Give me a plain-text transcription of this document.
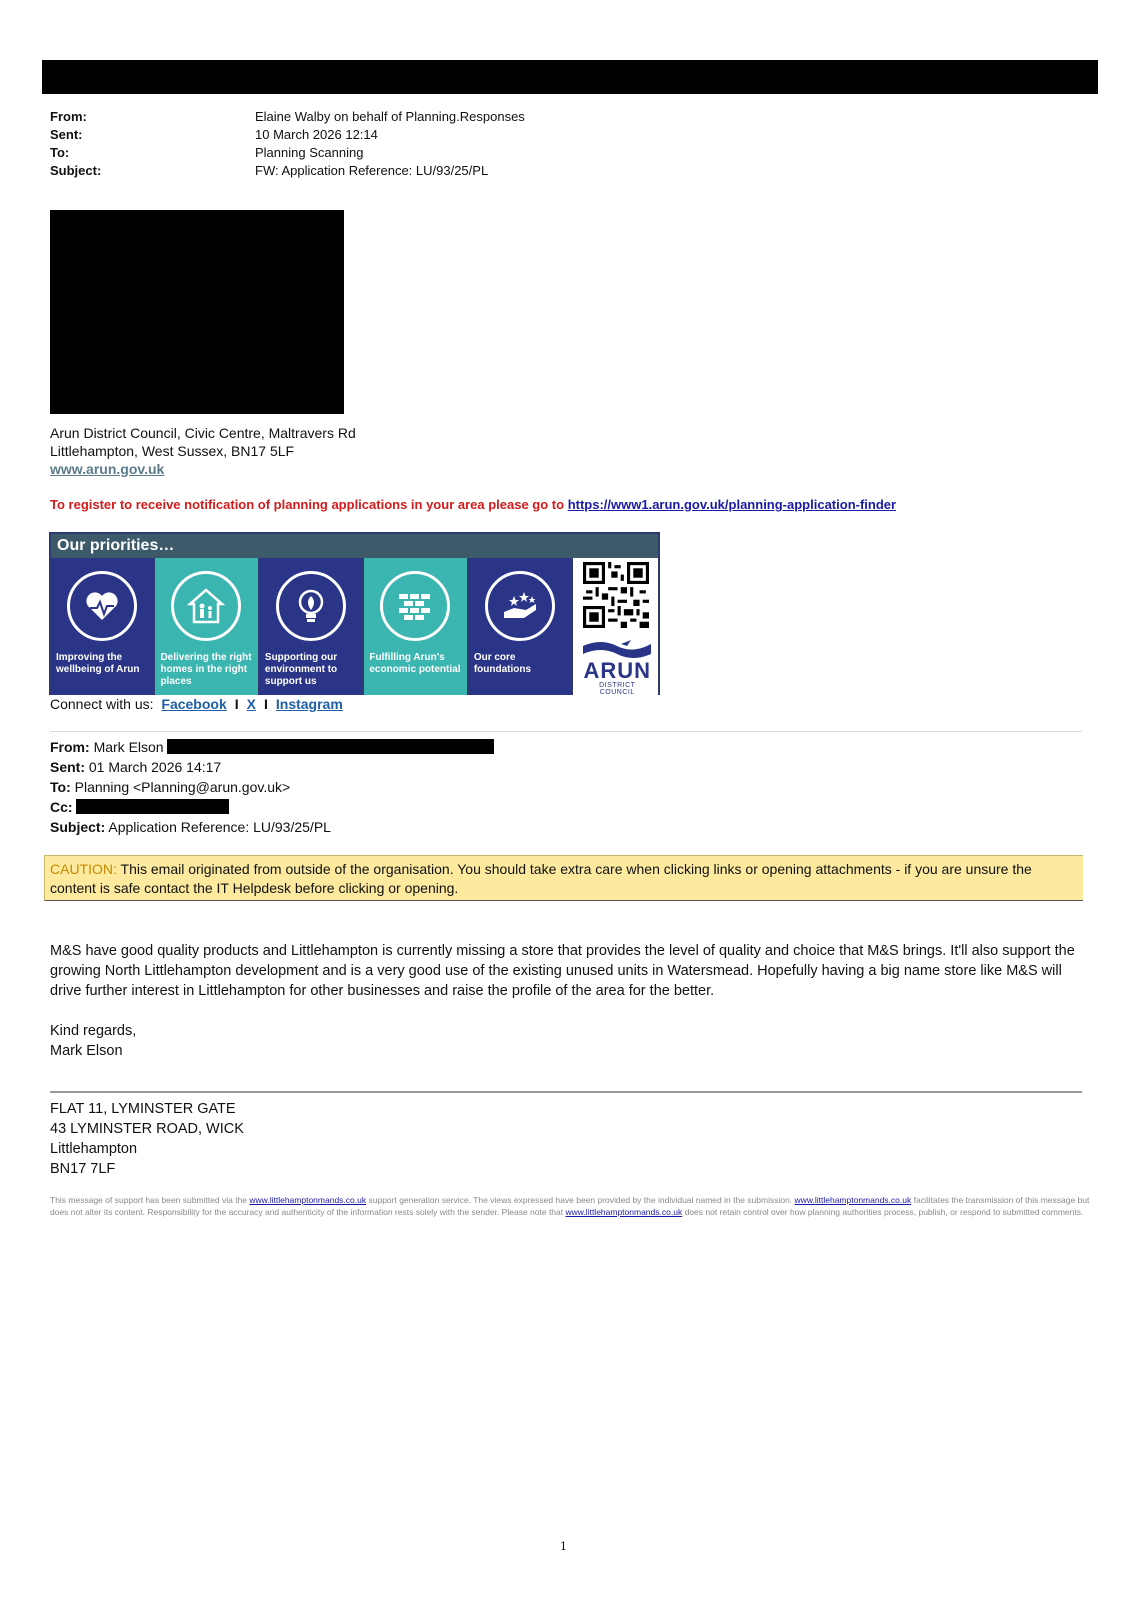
From:	Elaine Walby on behalf of Planning.Responses
Sent:	10 March 2026 12:14
To:	Planning Scanning
Subject:	FW: Application Reference: LU/93/25/PL
Arun District Council, Civic Centre, Maltravers Rd
Littlehampton, West Sussex, BN17 5LF
www.arun.gov.uk
To register to receive notification of planning applications in your area please go to https://www1.arun.gov.uk/planning-application-finder
Our priorities…
Improving the wellbeing of Arun
Delivering the right homes in the right places
Supporting our environment to support us
Fulfilling Arun's economic potential
Our core foundations	ARUN
DISTRICT COUNCIL
Connect with us: Facebook I X I Instagram
From: Mark Elson
Sent: 01 March 2026 14:17
To: Planning <Planning@arun.gov.uk>
Cc:
Subject: Application Reference: LU/93/25/PL
CAUTION: This email originated from outside of the organisation. You should take extra care when clicking links or opening attachments - if you are unsure the content is safe contact the IT Helpdesk before clicking or opening.
M&S have good quality products and Littlehampton is currently missing a store that provides the level of quality and choice that M&S brings. It'll also support the growing North Littlehampton development and is a very good use of the existing unused units in Watersmead. Hopefully having a big name store like M&S will drive further interest in Littlehampton for other businesses and raise the profile of the area for the better.
Kind regards,
Mark Elson
FLAT 11, LYMINSTER GATE
43 LYMINSTER ROAD, WICK
Littlehampton
BN17 7LF
This message of support has been submitted via the www.littlehamptonmands.co.uk support generation service. The views expressed have been provided by the individual named in the submission. www.littlehamptonmands.co.uk facilitates the transmission of this message but does not alter its content. Responsibility for the accuracy and authenticity of the information rests solely with the sender. Please note that www.littlehamptonmands.co.uk does not retain control over how planning authorities process, publish, or respond to submitted comments.
1
